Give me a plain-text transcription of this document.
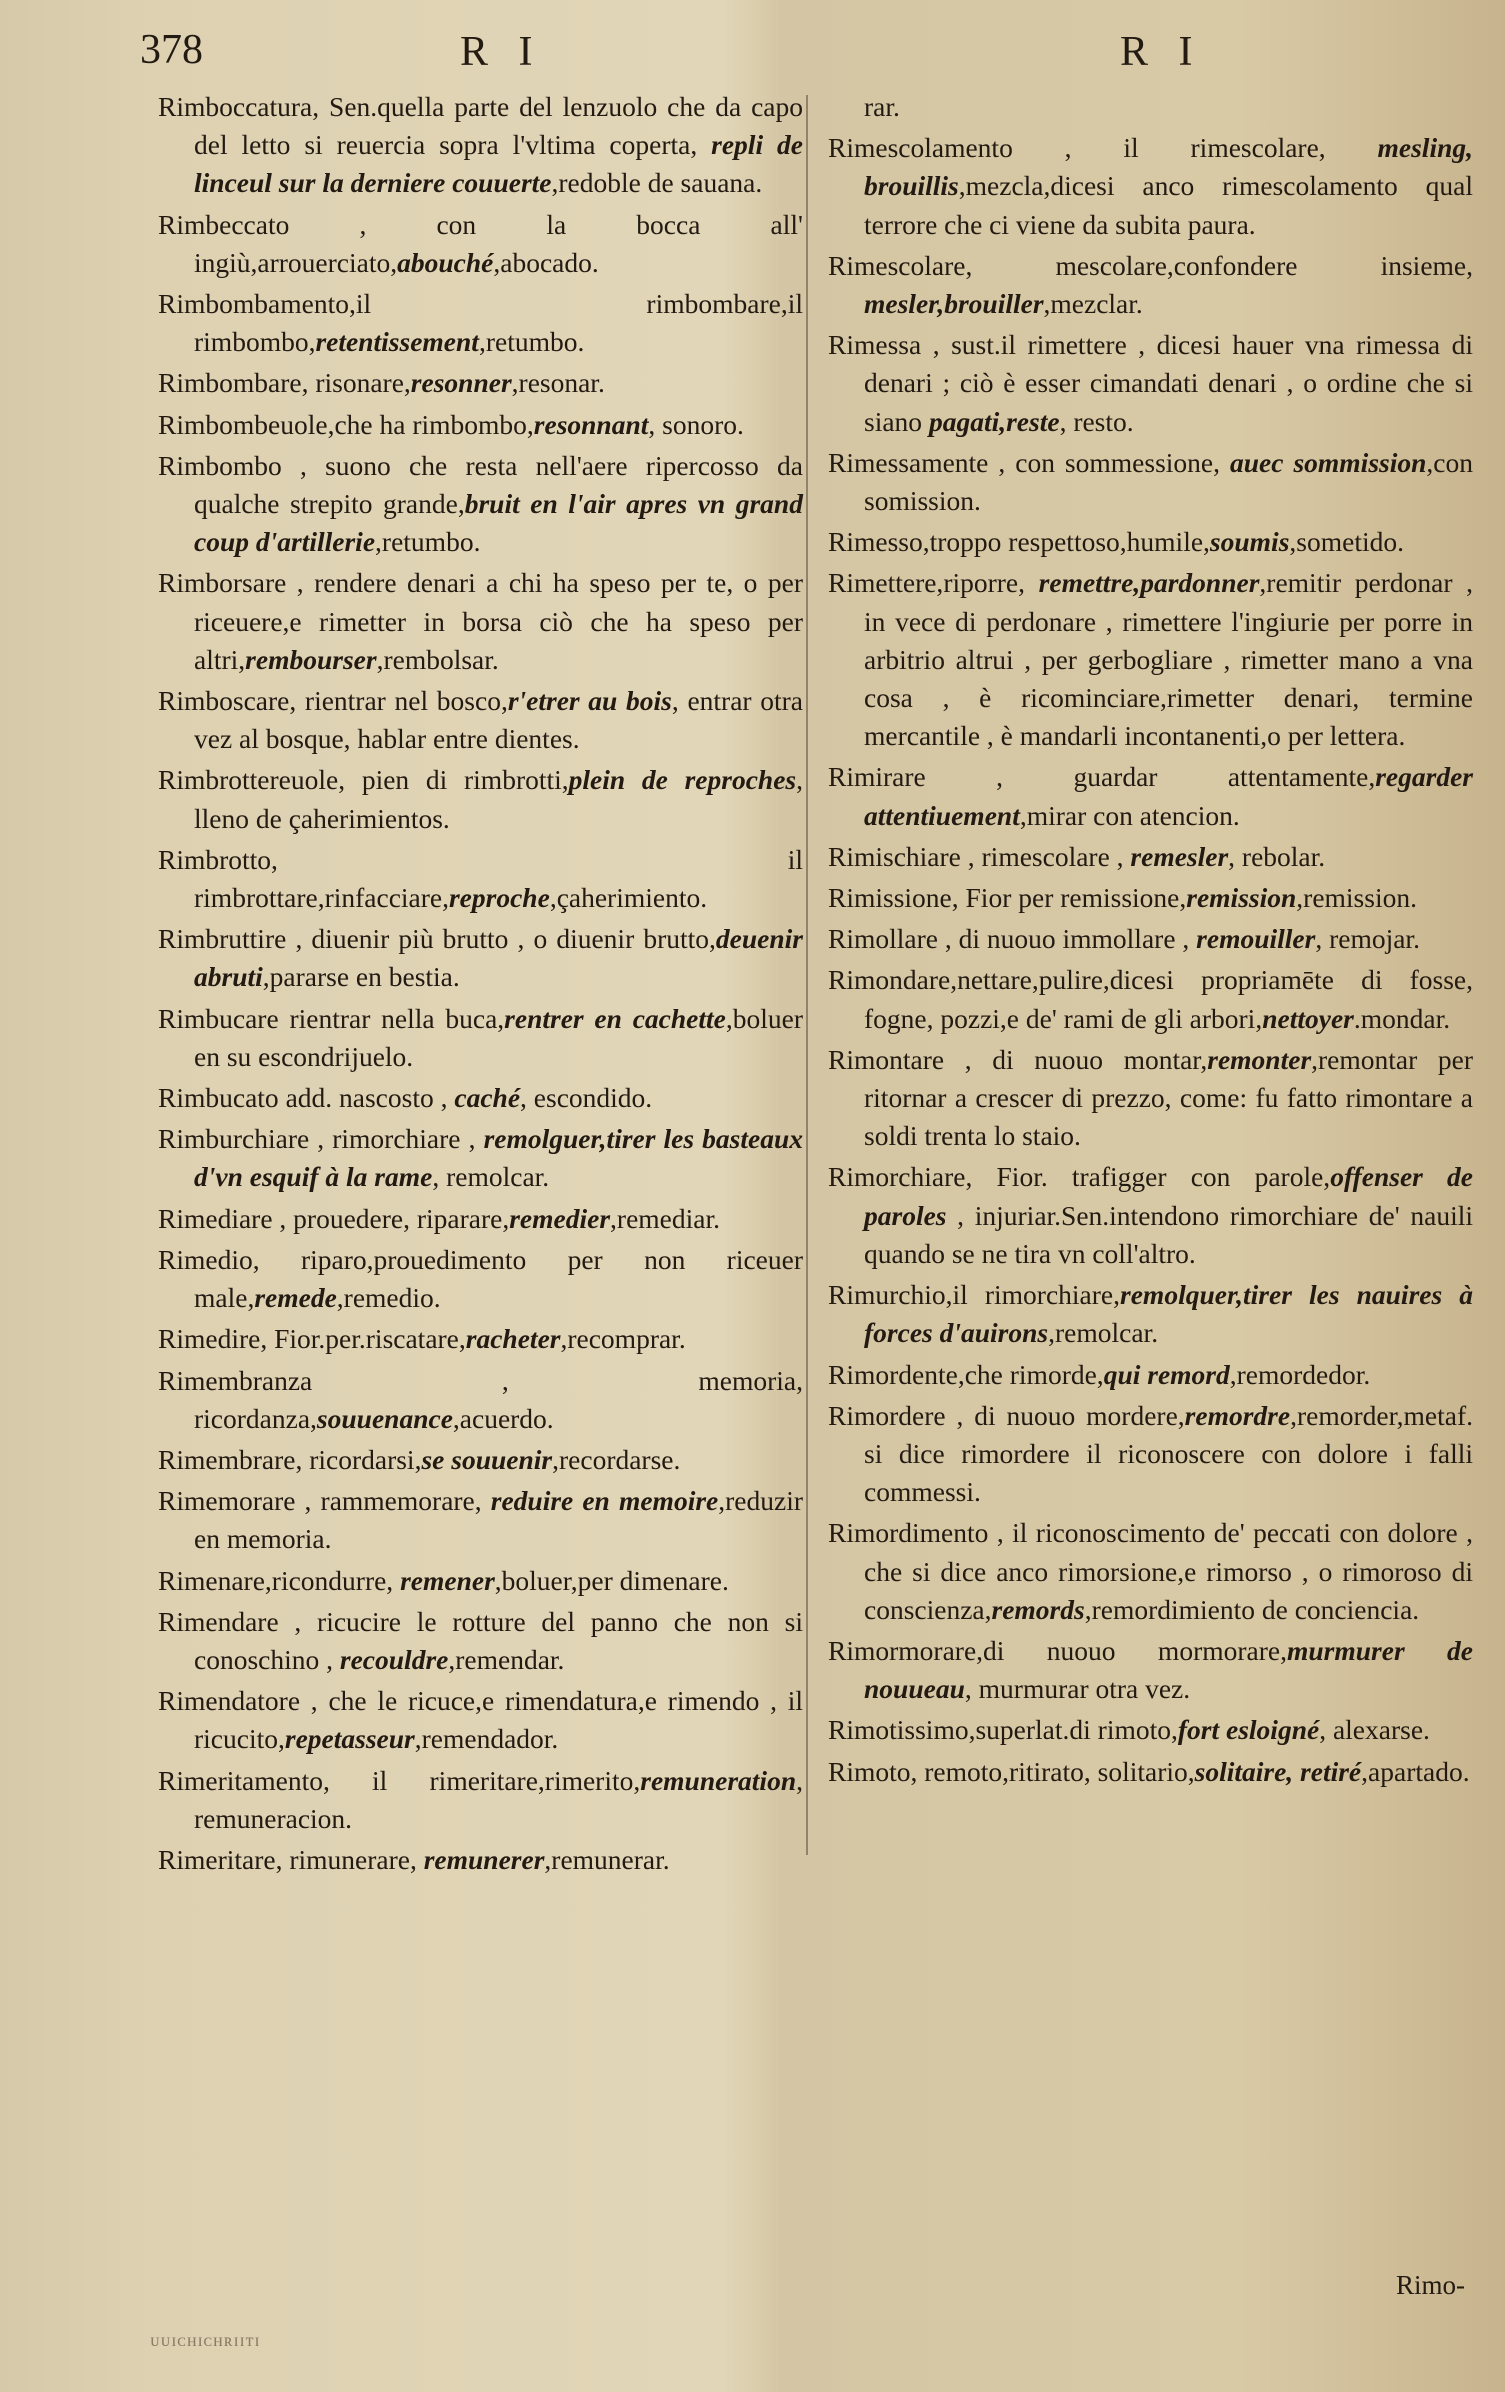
378	R I	R I
Rimboccatura, Sen.quella parte del lenzuolo che da capo del letto si reuercia sopra l'vltima coperta, repli de linceul sur la derniere couuerte,redoble de sauana.
Rimbeccato , con la bocca all' ingiù,arrouerciato,abouché,abocado.
Rimbombamento,il rimbombare,il rimbombo,retentissement,retumbo.
Rimbombare, risonare,resonner,resonar.
Rimbombeuole,che ha rimbombo,resonnant, sonoro.
Rimbombo , suono che resta nell'aere ripercosso da qualche strepito grande,bruit en l'air apres vn grand coup d'artillerie,retumbo.
Rimborsare , rendere denari a chi ha speso per te, o per riceuere,e rimetter in borsa ciò che ha speso per altri,rembourser,rembolsar.
Rimboscare, rientrar nel bosco,r'etrer au bois, entrar otra vez al bosque, hablar entre dientes.
Rimbrottereuole, pien di rimbrotti,plein de reproches, lleno de çaherimientos.
Rimbrotto, il rimbrottare,rinfacciare,reproche,çaherimiento.
Rimbruttire , diuenir più brutto , o diuenir brutto,deuenir abruti,pararse en bestia.
Rimbucare rientrar nella buca,rentrer en cachette,boluer en su escondrijuelo.
Rimbucato add. nascosto , caché, escondido.
Rimburchiare , rimorchiare , remolguer,tirer les basteaux d'vn esquif à la rame, remolcar.
Rimediare , prouedere, riparare,remedier,remediar.
Rimedio, riparo,prouedimento per non riceuer male,remede,remedio.
Rimedire, Fior.per.riscatare,racheter,recomprar.
Rimembranza , memoria, ricordanza,souuenance,acuerdo.
Rimembrare, ricordarsi,se souuenir,recordarse.
Rimemorare , rammemorare, reduire en memoire,reduzir en memoria.
Rimenare,ricondurre, remener,boluer,per dimenare.
Rimendare , ricucire le rotture del panno che non si conoschino , recouldre,remendar.
Rimendatore , che le ricuce,e rimendatura,e rimendo , il ricucito,repetasseur,remendador.
Rimeritamento, il rimeritare,rimerito,remuneration, remuneracion.
Rimeritare, rimunerare, remunerer,remunerar.
rar.
Rimescolamento , il rimescolare, mesling, brouillis,mezcla,dicesi anco rimescolamento qual terrore che ci viene da subita paura.
Rimescolare, mescolare,confondere insieme, mesler,brouiller,mezclar.
Rimessa , sust.il rimettere , dicesi hauer vna rimessa di denari ; ciò è esser cimandati denari , o ordine che si siano pagati,reste, resto.
Rimessamente , con sommessione, auec sommission,con somission.
Rimesso,troppo respettoso,humile,soumis,sometido.
Rimettere,riporre, remettre,pardonner,remitir perdonar , in vece di perdonare , rimettere l'ingiurie per porre in arbitrio altrui , per gerbogliare , rimetter mano a vna cosa , è ricominciare,rimetter denari, termine mercantile , è mandarli incontanenti,o per lettera.
Rimirare , guardar attentamente,regarder attentiuement,mirar con atencion.
Rimischiare , rimescolare , remesler, rebolar.
Rimissione, Fior per remissione,remission,remission.
Rimollare , di nuouo immollare , remouiller, remojar.
Rimondare,nettare,pulire,dicesi propriamēte di fosse, fogne, pozzi,e de' rami de gli arbori,nettoyer.mondar.
Rimontare , di nuouo montar,remonter,remontar per ritornar a crescer di prezzo, come: fu fatto rimontare a soldi trenta lo staio.
Rimorchiare, Fior. trafigger con parole,offenser de paroles , injuriar.Sen.intendono rimorchiare de' nauili quando se ne tira vn coll'altro.
Rimurchio,il rimorchiare,remolquer,tirer les nauires à forces d'auirons,remolcar.
Rimordente,che rimorde,qui remord,remordedor.
Rimordere , di nuouo mordere,remordre,remorder,metaf. si dice rimordere il riconoscere con dolore i falli commessi.
Rimordimento , il riconoscimento de' peccati con dolore , che si dice anco rimorsione,e rimorso , o rimoroso di conscienza,remords,remordimiento de conciencia.
Rimormorare,di nuouo mormorare,murmurer de nouueau, murmurar otra vez.
Rimotissimo,superlat.di rimoto,fort esloigné, alexarse.
Rimoto, remoto,ritirato, solitario,solitaire, retiré,apartado.
Rimo-
ᴜᴜɪᴄʜɪᴄʜʀɪɪᴛɪ
